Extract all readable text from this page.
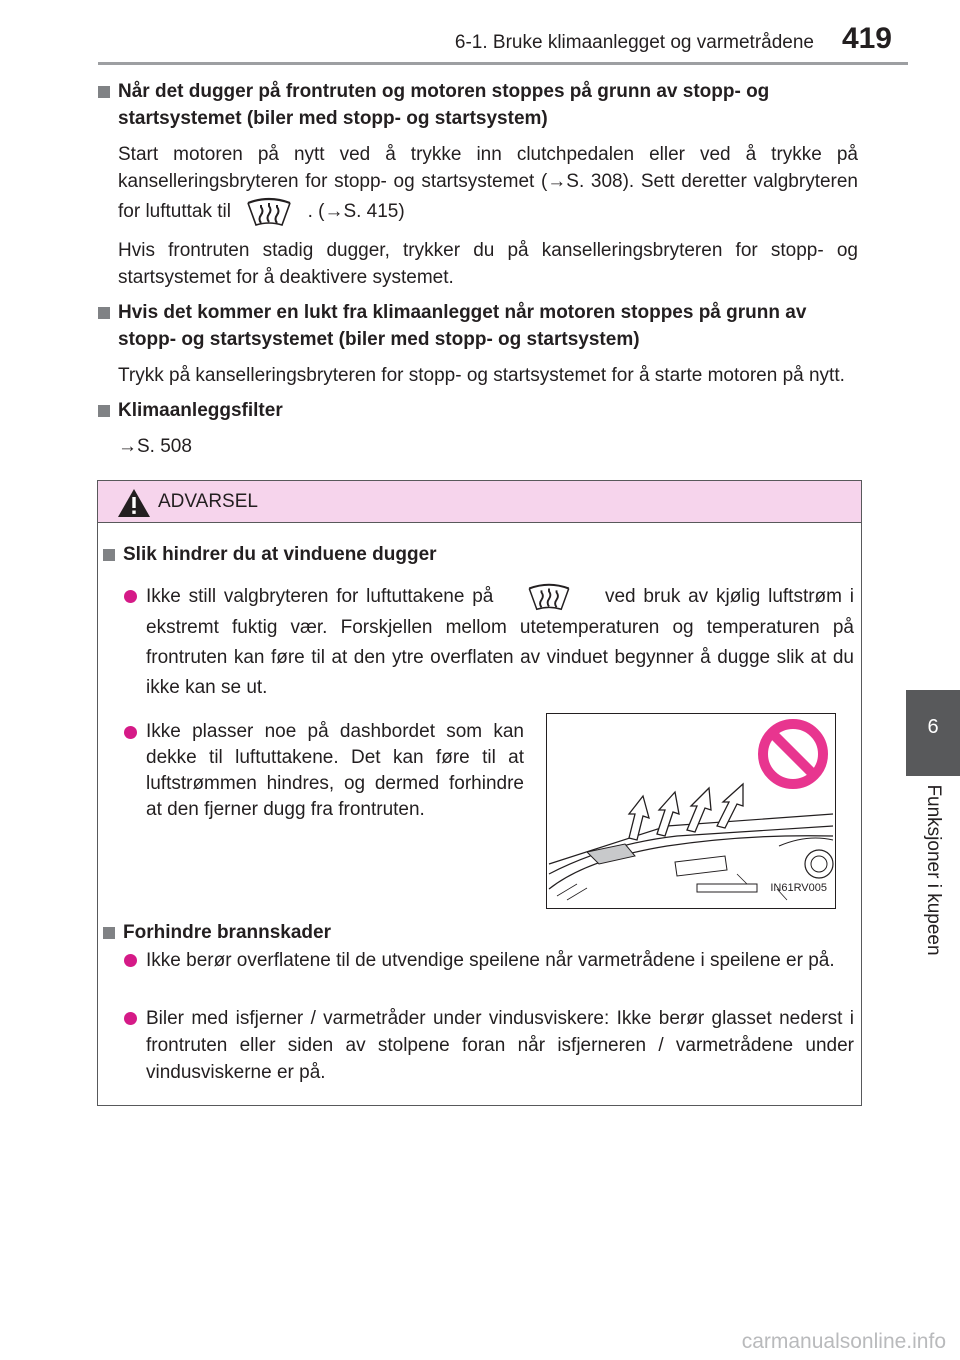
6-1. Bruke klimaanlegget og varmetrådene 419
6
Funksjoner i kupeen
Når det dugger på frontruten og motoren stoppes på grunn av stopp- og startsystemet (biler med stopp- og startsystem)
Start motoren på nytt ved å trykke inn clutchpedalen eller ved å trykke på kanselleringsbryteren for stopp- og startsystemet (→S. 308). Sett deretter valgbryteren for luftuttak til	. (→S. 415)
Hvis frontruten stadig dugger, trykker du på kanselleringsbryteren for stopp- og startsystemet for å deaktivere systemet.
Hvis det kommer en lukt fra klimaanlegget når motoren stoppes på grunn av stopp- og startsystemet (biler med stopp- og startsystem)
Trykk på kanselleringsbryteren for stopp- og startsystemet for å starte motoren på nytt.
Klimaanleggsfilter
→S. 508
ADVARSEL
Slik hindrer du at vinduene dugger
Ikke still valgbryteren for luftuttakene på	ved bruk av kjølig luftstrøm i ekstremt fuktig vær. Forskjellen mellom utetemperaturen og temperaturen på frontruten kan føre til at den ytre overflaten av vinduet begynner å dugge slik at du ikke kan se ut.
Ikke plasser noe på dashbordet som kan dekke til luftuttakene. Det kan føre til at luftstrømmen hindres, og dermed forhindre at den fjerner dugg fra frontruten.
IN61RV005
Forhindre brannskader
Ikke berør overflatene til de utvendige speilene når varmetrådene i speilene er på.
Biler med isfjerner / varmetråder under vindusviskere: Ikke berør glasset nederst i frontruten eller siden av stolpene foran når isfjerneren / varmetrådene under vindusviskerne er på.
carmanualsonline.info
